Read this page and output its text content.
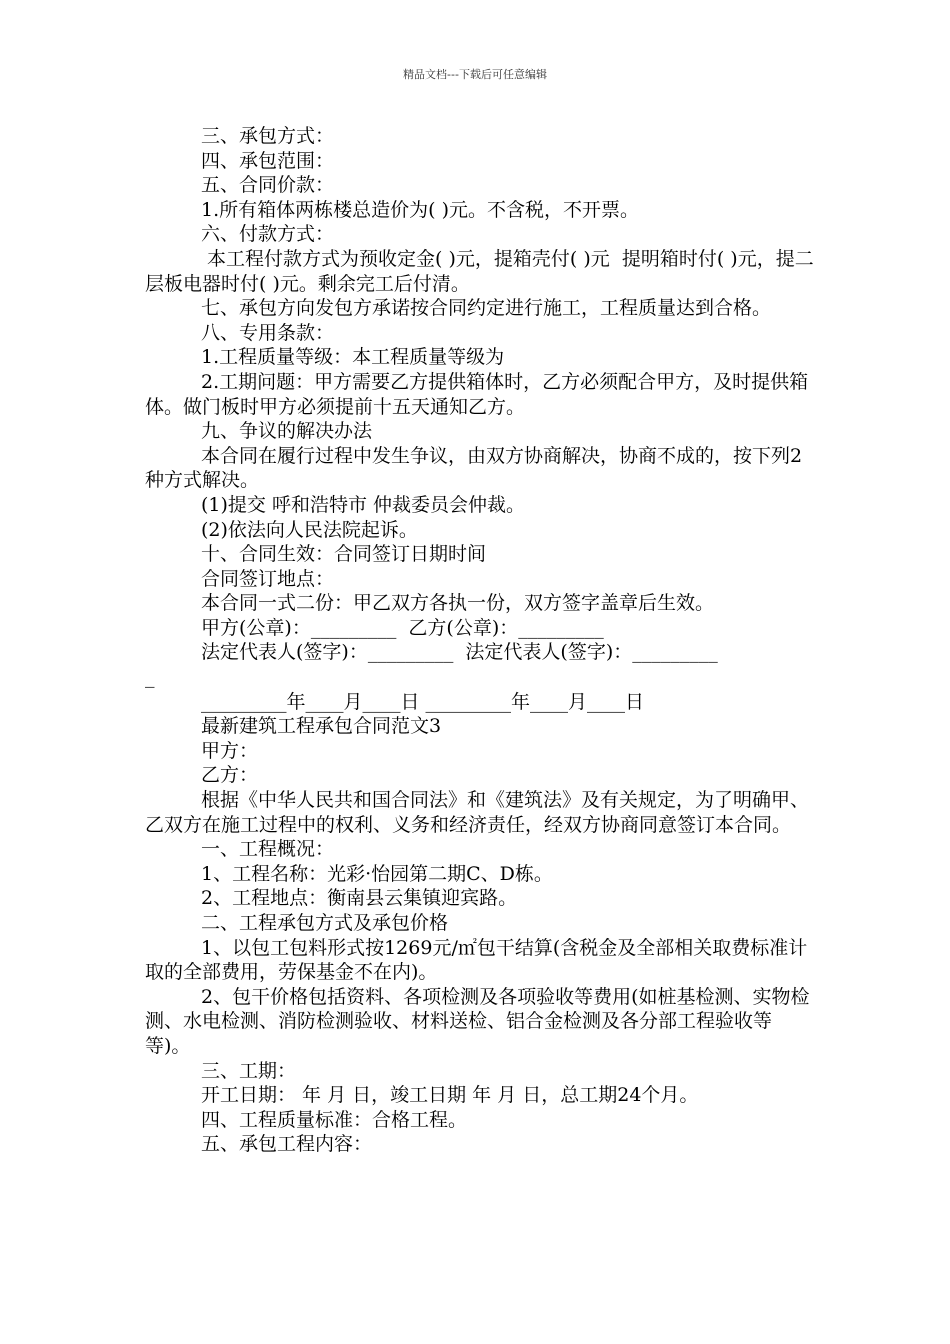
精品文档---下载后可任意编辑

三、承包方式：

四、承包范围：

五、合同价款：

1.所有箱体两栋楼总造价为( )元。不含税，不开票。

六、付款方式：

本工程付款方式为预收定金( )元，提箱壳付( )元  提明箱时付( )元，提二层板电器时付( )元。剩余完工后付清。

七、承包方向发包方承诺按合同约定进行施工，工程质量达到合格。

八、专用条款：

1.工程质量等级：本工程质量等级为

2.工期问题：甲方需要乙方提供箱体时，乙方必须配合甲方，及时提供箱体。做门板时甲方必须提前十五天通知乙方。

九、争议的解决办法

本合同在履行过程中发生争议，由双方协商解决，协商不成的，按下列2种方式解决。

(1)提交 呼和浩特市 仲裁委员会仲裁。

(2)依法向人民法院起诉。

十、合同生效：合同签订日期时间

合同签订地点：

本合同一式二份：甲乙双方各执一份，双方签字盖章后生效。

甲方(公章)：_________  乙方(公章)：_________

法定代表人(签字)：_________  法定代表人(签字)：_________

_

_________年____月____日 _________年____月____日

最新建筑工程承包合同范文3

甲方：

乙方：

根据《中华人民共和国合同法》和《建筑法》及有关规定，为了明确甲、乙双方在施工过程中的权利、义务和经济责任，经双方协商同意签订本合同。

一、工程概况：

1、工程名称：光彩·怡园第二期C、D栋。

2、工程地点：衡南县云集镇迎宾路。

二、工程承包方式及承包价格

1、以包工包料形式按1269元/㎡包干结算(含税金及全部相关取费标准计取的全部费用，劳保基金不在内)。

2、包干价格包括资料、各项检测及各项验收等费用(如桩基检测、实物检测、水电检测、消防检测验收、材料送检、铝合金检测及各分部工程验收等等)。

三、工期：

开工日期： 年 月 日，竣工日期 年 月 日，总工期24个月。

四、工程质量标准：合格工程。

五、承包工程内容：
